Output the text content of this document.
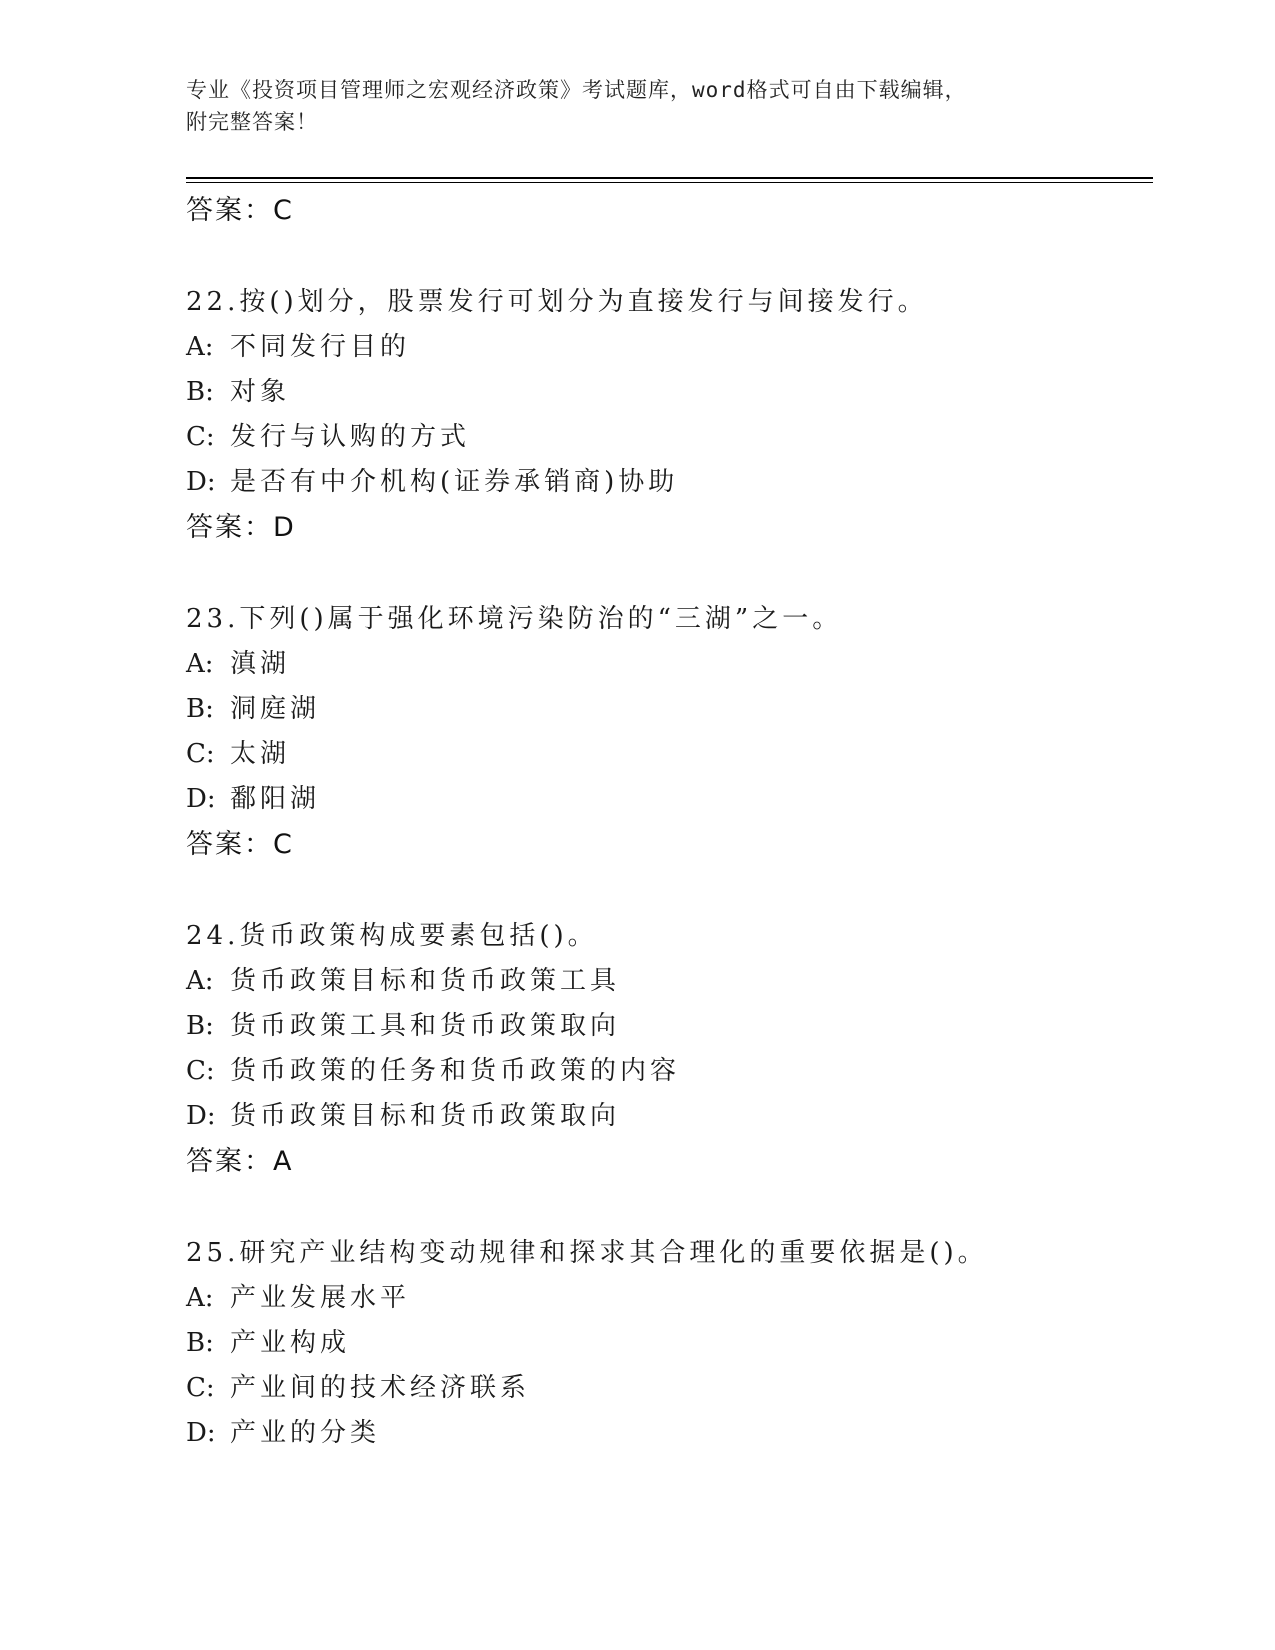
专业《投资项目管理师之宏观经济政策》考试题库，word格式可自由下载编辑，
附完整答案！
答案：C
22.按()划分，股票发行可划分为直接发行与间接发行。
A: 不同发行目的
B: 对象
C: 发行与认购的方式
D: 是否有中介机构(证券承销商)协助
答案：D
23.下列()属于强化环境污染防治的“三湖”之一。
A: 滇湖
B: 洞庭湖
C: 太湖
D: 鄱阳湖
答案：C
24.货币政策构成要素包括()。
A: 货币政策目标和货币政策工具
B: 货币政策工具和货币政策取向
C: 货币政策的任务和货币政策的内容
D: 货币政策目标和货币政策取向
答案：A
25.研究产业结构变动规律和探求其合理化的重要依据是()。
A: 产业发展水平
B: 产业构成
C: 产业间的技术经济联系
D: 产业的分类
